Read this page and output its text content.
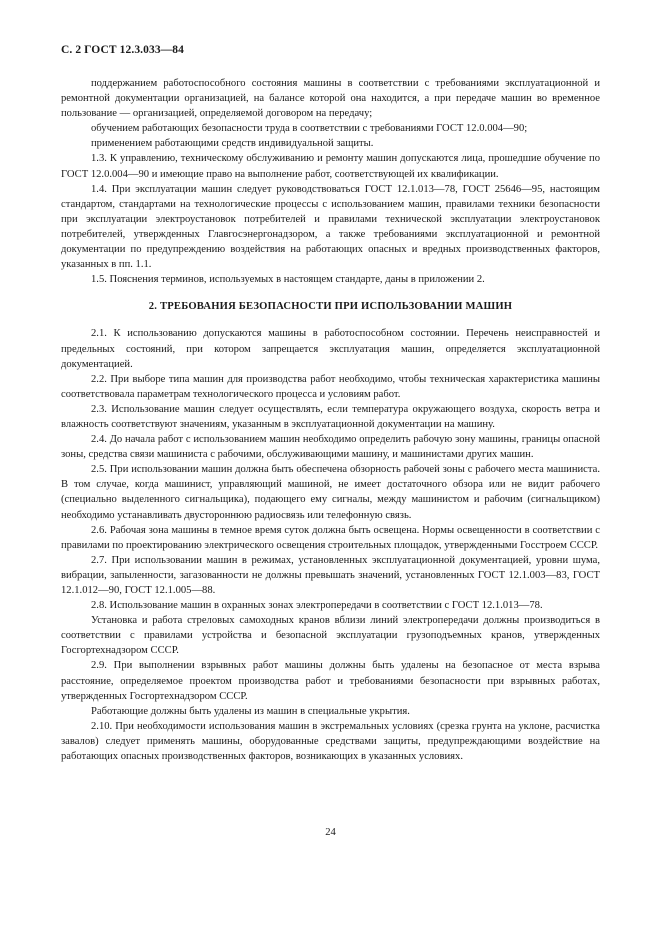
С. 2 ГОСТ 12.3.033—84

поддержанием работоспособного состояния машины в соответствии с требованиями эксплуатационной и ремонтной документации организацией, на балансе которой она находится, а при передаче машин во временное пользование — организацией, определяемой договором на передачу;

обучением работающих безопасности труда в соответствии с требованиями ГОСТ 12.0.004—90;

применением работающими средств индивидуальной защиты.

1.3. К управлению, техническому обслуживанию и ремонту машин допускаются лица, прошедшие обучение по ГОСТ 12.0.004—90 и имеющие право на выполнение работ, соответствующей их квалификации.

1.4. При эксплуатации машин следует руководствоваться ГОСТ 12.1.013—78, ГОСТ 25646—95, настоящим стандартом, стандартами на технологические процессы с использованием машин, правилами техники безопасности при эксплуатации электроустановок потребителей и правилами технической эксплуатации электроустановок потребителей, утвержденных Главгосэнергонадзором, а также требованиями эксплуатационной и ремонтной документации по предупреждению воздействия на работающих опасных и вредных производственных факторов, указанных в пп. 1.1.

1.5. Пояснения терминов, используемых в настоящем стандарте, даны в приложении 2.

2. ТРЕБОВАНИЯ БЕЗОПАСНОСТИ ПРИ ИСПОЛЬЗОВАНИИ МАШИН

2.1. К использованию допускаются машины в работоспособном состоянии. Перечень неисправностей и предельных состояний, при котором запрещается эксплуатация машин, определяется эксплуатационной документацией.

2.2. При выборе типа машин для производства работ необходимо, чтобы техническая характеристика машины соответствовала параметрам технологического процесса и условиям работ.

2.3. Использование машин следует осуществлять, если температура окружающего воздуха, скорость ветра и влажность соответствуют значениям, указанным в эксплуатационной документации на машину.

2.4. До начала работ с использованием машин необходимо определить рабочую зону машины, границы опасной зоны, средства связи машиниста с рабочими, обслуживающими машину, и машинистами других машин.

2.5. При использовании машин должна быть обеспечена обзорность рабочей зоны с рабочего места машиниста. В том случае, когда машинист, управляющий машиной, не имеет достаточного обзора или не видит рабочего (специально выделенного сигнальщика), подающего ему сигналы, между машинистом и рабочим (сигнальщиком) необходимо устанавливать двустороннюю радиосвязь или телефонную связь.

2.6. Рабочая зона машины в темное время суток должна быть освещена. Нормы освещенности в соответствии с правилами по проектированию электрического освещения строительных площадок, утвержденными Госстроем СССР.

2.7. При использовании машин в режимах, установленных эксплуатационной документацией, уровни шума, вибрации, запыленности, загазованности не должны превышать значений, установленных ГОСТ 12.1.003—83, ГОСТ 12.1.012—90, ГОСТ 12.1.005—88.

2.8. Использование машин в охранных зонах электропередачи в соответствии с ГОСТ 12.1.013—78.

Установка и работа стреловых самоходных кранов вблизи линий электропередачи должны производиться в соответствии с правилами устройства и безопасной эксплуатации грузоподъемных кранов, утвержденных Госгортехнадзором СССР.

2.9. При выполнении взрывных работ машины должны быть удалены на безопасное от места взрыва расстояние, определяемое проектом производства работ и требованиями безопасности при взрывных работах, утвержденных Госгортехнадзором СССР.

Работающие должны быть удалены из машин в специальные укрытия.

2.10. При необходимости использования машин в экстремальных условиях (срезка грунта на уклоне, расчистка завалов) следует применять машины, оборудованные средствами защиты, предупреждающими воздействие на работающих опасных производственных факторов, возникающих в указанных условиях.

24
